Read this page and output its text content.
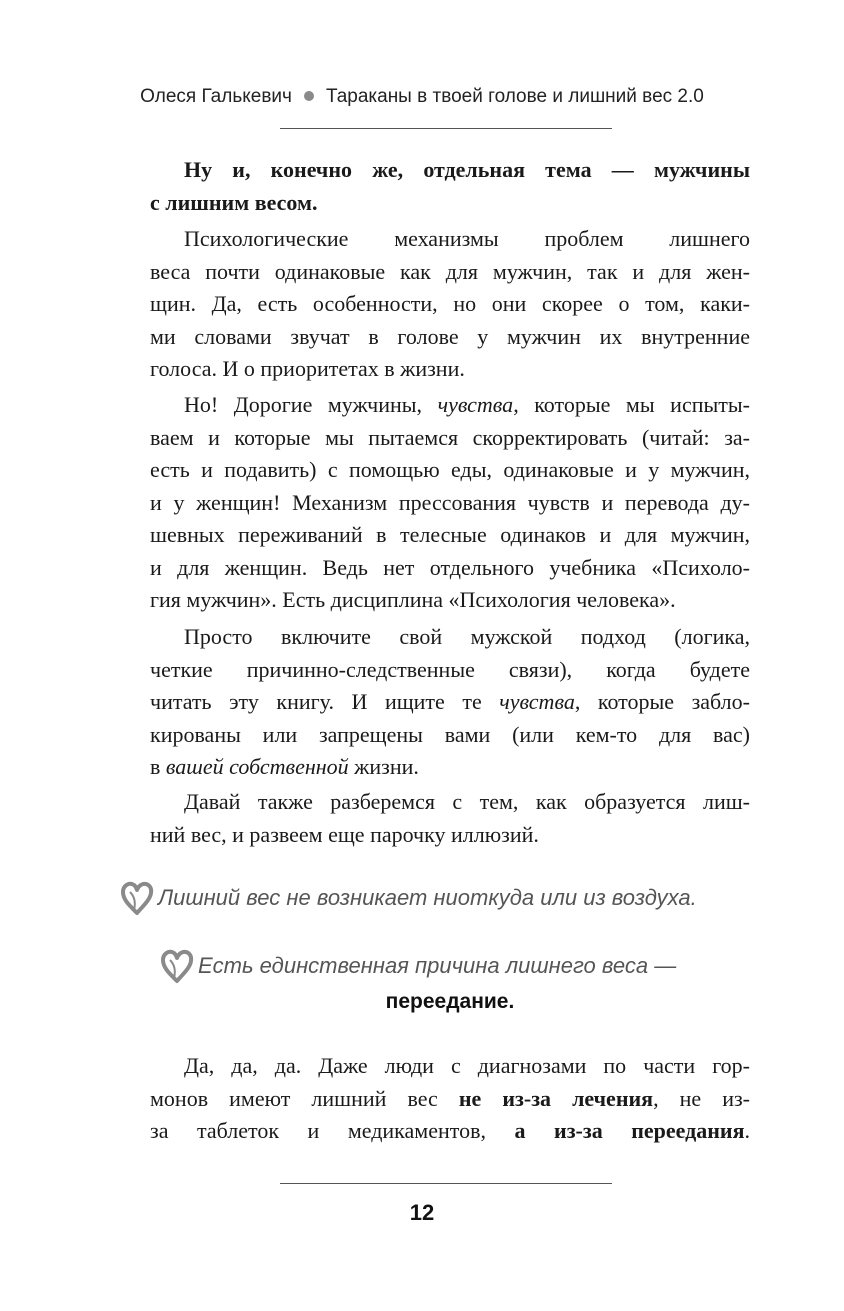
Олеся Галькевич Тараканы в твоей голове и лишний вес 2.0
Ну и, конечно же, отдельная тема — мужчины
с лишним весом.
Психологические механизмы проблем лишнего
веса почти одинаковые как для мужчин, так и для жен-
щин. Да, есть особенности, но они скорее о том, каки-
ми словами звучат в голове у мужчин их внутренние
голоса. И о приоритетах в жизни.
Но! Дорогие мужчины, чувства, которые мы испыты-
ваем и которые мы пытаемся скорректировать (читай: за-
есть и подавить) с помощью еды, одинаковые и у мужчин,
и у женщин! Механизм прессования чувств и перевода ду-
шевных переживаний в телесные одинаков и для мужчин,
и для женщин. Ведь нет отдельного учебника «Психоло-
гия мужчин». Есть дисциплина «Психология человека».
Просто включите свой мужской подход (логика,
четкие причинно-следственные связи), когда будете
читать эту книгу. И ищите те чувства, которые забло-
кированы или запрещены вами (или кем-то для вас)
в вашей собственной жизни.
Давай также разберемся с тем, как образуется лиш-
ний вес, и развеем еще парочку иллюзий.
Лишний вес не возникает ниоткуда или из воздуха.
Есть единственная причина лишнего веса —
переедание.
Да, да, да. Даже люди с диагнозами по части гор-
монов имеют лишний вес не из-за лечения, не из-
за таблеток и медикаментов, а из-за переедания.
12
